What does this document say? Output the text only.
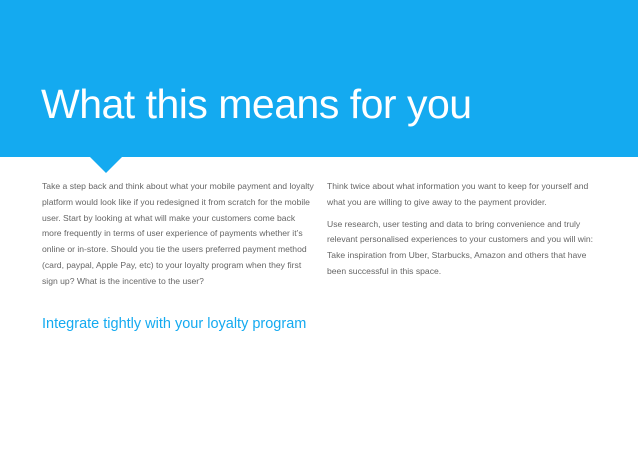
What this means for you

Take a step back and think about what your mobile payment and loyalty platform would look like if you redesigned it from scratch for the mobile user. Start by looking at what will make your customers come back more frequently in terms of user experience of payments whether it’s online or in-store. Should you tie the users preferred payment method (card, paypal, Apple Pay, etc) to your loyalty program when they first sign up? What is the incentive to the user?

Think twice about what information you want to keep for yourself and what you are willing to give away to the payment provider.

Use research, user testing and data to bring convenience and truly relevant personalised experiences to your customers and you will win: Take inspiration from Uber, Starbucks, Amazon and others that have been successful in this space.

Integrate tightly with your loyalty program
